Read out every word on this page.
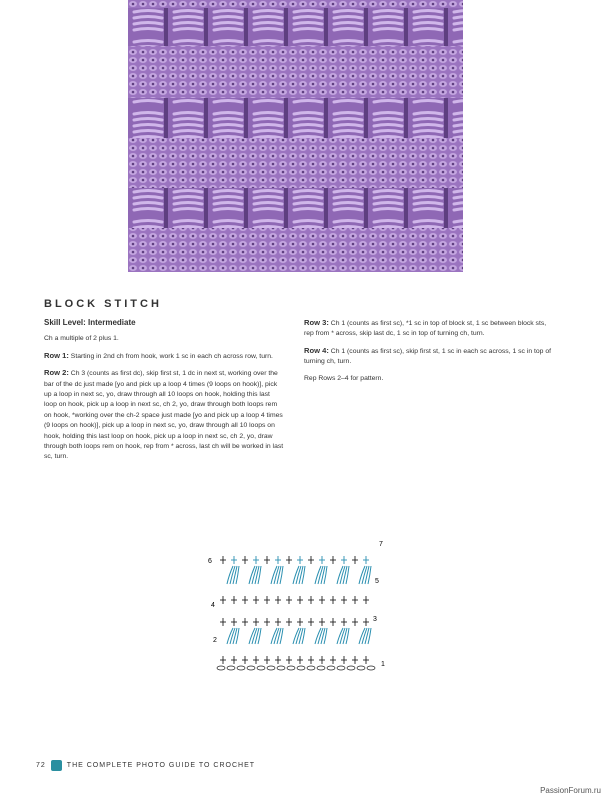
BLOCK STITCH

Skill Level: Intermediate

Ch a multiple of 2 plus 1.

Row 1: Starting in 2nd ch from hook, work 1 sc in each ch across row, turn.

Row 2: Ch 3 (counts as first dc), skip first st, 1 dc in next st, working over the bar of the dc just made [yo and pick up a loop 4 times (9 loops on hook)], pick up a loop in next sc, yo, draw through all 10 loops on hook, holding this last loop on hook, pick up a loop in next sc, ch 2, yo, draw through both loops rem on hook, *working over the ch-2 space just made [yo and pick up a loop 4 times (9 loops on hook)], pick up a loop in next sc, yo, draw through all 10 loops on hook, holding this last loop on hook, pick up a loop in next sc, ch 2, yo, draw through both loops rem on hook, rep from * across, last ch will be worked in last sc, turn.

Row 3: Ch 1 (counts as first sc), *1 sc in top of block st, 1 sc between block sts, rep from * across, skip last dc, 1 sc in top of turning ch, turn.

Row 4: Ch 1 (counts as first sc), skip first st, 1 sc in each sc across, 1 sc in top of turning ch, turn.

Rep Rows 2–4 for pattern.

7
6
5
4
3
2
1
72	THE COMPLETE PHOTO GUIDE TO CROCHET
PassionForum.ru
